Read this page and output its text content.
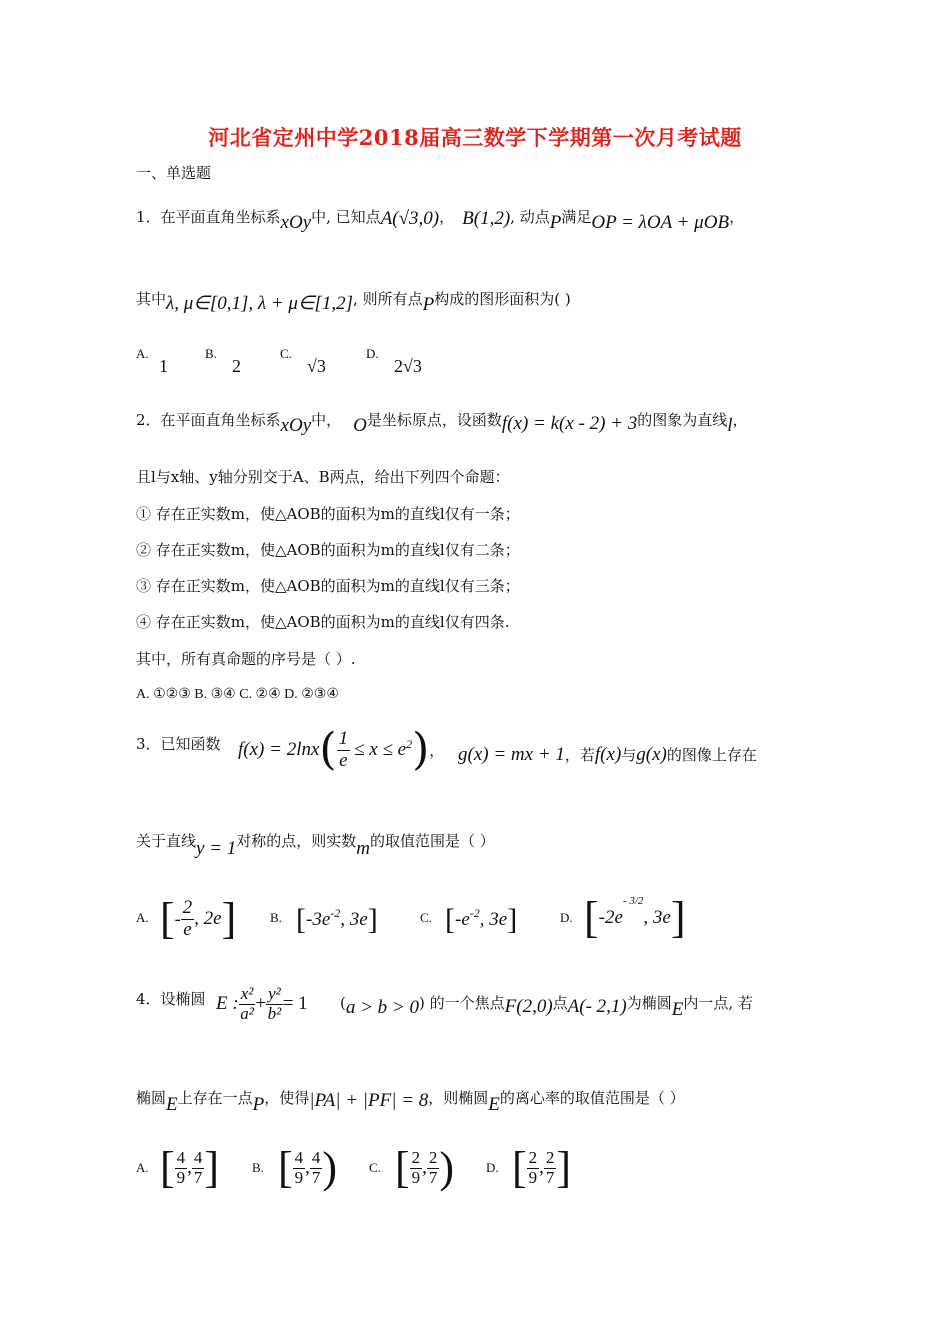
河北省定州中学2018届高三数学下学期第一次月考试题
一、单选题
1．在平面直角坐标系xOy中, 已知点A(√3,0)， B(1,2), 动点P满足OP = λOA + μOB，
其中λ, μ∈[0,1], λ + μ∈[1,2], 则所有点P构成的图形面积为( )
A.
1
B.
2
C.
√3
D.
2√3
2．在平面直角坐标系xOy中， O是坐标原点，设函数f(x) = k(x - 2) + 3的图象为直线l，
且l与x轴、y轴分别交于A、B两点，给出下列四个命题：
① 存在正实数m，使△AOB的面积为m的直线l仅有一条；
② 存在正实数m，使△AOB的面积为m的直线l仅有二条；
③ 存在正实数m，使△AOB的面积为m的直线l仅有三条；
④ 存在正实数m，使△AOB的面积为m的直线l仅有四条.
其中，所有真命题的序号是（ ）.
A. ①②③ B. ③④ C. ②④ D. ②③④
3．已知函数 $f(x) = 2\ln x( \frac{1}{e} \le x \le e^2)$， g(x) = mx + 1，若f(x)与g(x)的图像上存在
关于直线y = 1对称的点，则实数m的取值范围是（ ）
A. [- $\frac{2}{e}$ , 2e]	B. [$-3e^{-2}$, 3e]	C. [$-e^{-2}$, 3e]	D. [$-2e^{- 3/2}$, 3e]
4．设椭圆 E : $\frac{\text{x²}}{\text{a²}} + \frac{\text{y²}}{\text{b²}} = 1$ (a > b > 0) 的一个焦点F(2,0)点A(- 2,1)为椭圆E内一点, 若
椭圆E上存在一点P，使得|PA| + |PF| = 8，则椭圆E的离心率的取值范围是（ ）
A. [ $\frac{4}{9}$ , $\frac{4}{7}$ ]	B. [ $\frac{4}{9}$ , $\frac{4}{7}$ ) C. [ $\frac{2}{9}$ , $\frac{2}{7}$ ) D. [ $\frac{2}{9}$ , $\frac{2}{7}$ ]
